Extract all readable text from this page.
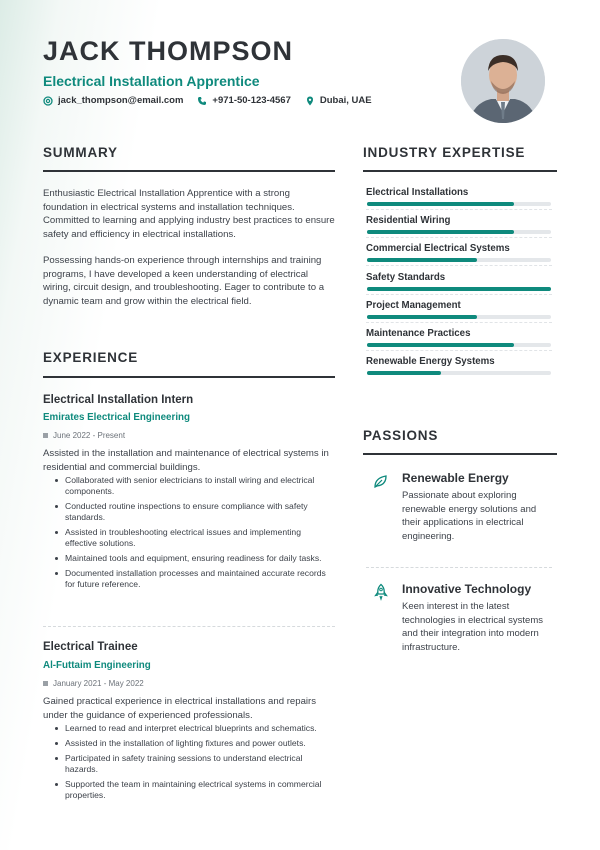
JACK THOMPSON
Electrical Installation Apprentice
jack_thompson@email.com	+971-50-123-4567	Dubai, UAE
SUMMARY
Enthusiastic Electrical Installation Apprentice with a strong foundation in electrical systems and installation techniques. Committed to learning and applying industry best practices to ensure safety and efficiency in electrical installations.
Possessing hands-on experience through internships and training programs, I have developed a keen understanding of electrical wiring, circuit design, and troubleshooting. Eager to contribute to a dynamic team and grow within the electrical field.
EXPERIENCE
Electrical Installation Intern
Emirates Electrical Engineering
June 2022 - Present
Assisted in the installation and maintenance of electrical systems in residential and commercial buildings.
Collaborated with senior electricians to install wiring and electrical components.
Conducted routine inspections to ensure compliance with safety standards.
Assisted in troubleshooting electrical issues and implementing effective solutions.
Maintained tools and equipment, ensuring readiness for daily tasks.
Documented installation processes and maintained accurate records for future reference.
Electrical Trainee
Al-Futtaim Engineering
January 2021 - May 2022
Gained practical experience in electrical installations and repairs under the guidance of experienced professionals.
Learned to read and interpret electrical blueprints and schematics.
Assisted in the installation of lighting fixtures and power outlets.
Participated in safety training sessions to understand electrical hazards.
Supported the team in maintaining electrical systems in commercial properties.
INDUSTRY EXPERTISE
Electrical Installations
Residential Wiring
Commercial Electrical Systems
Safety Standards
Project Management
Maintenance Practices
Renewable Energy Systems
PASSIONS
Renewable Energy
Passionate about exploring renewable energy solutions and their applications in electrical engineering.
Innovative Technology
Keen interest in the latest technologies in electrical systems and their integration into modern infrastructure.
